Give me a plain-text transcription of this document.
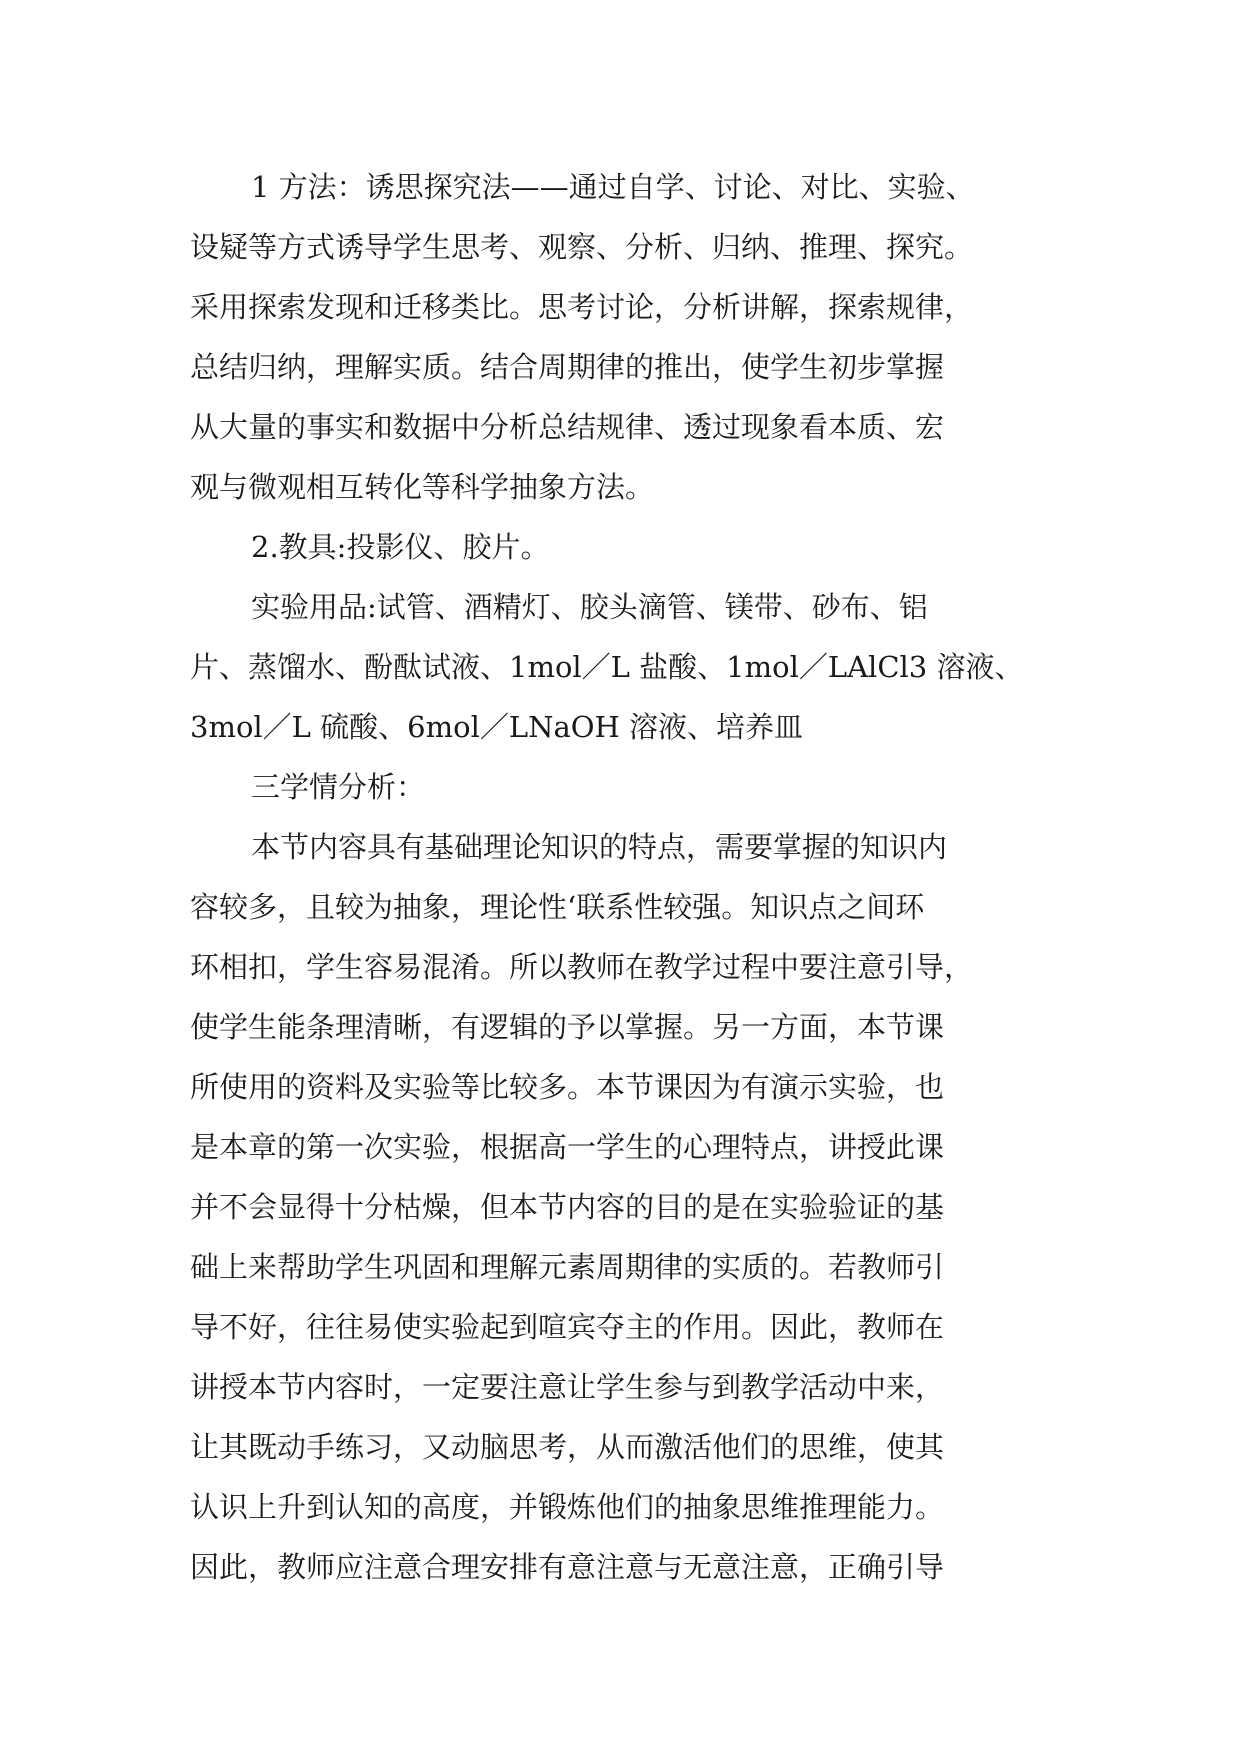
1 方法：诱思探究法——通过自学、讨论、对比、实验、
设疑等方式诱导学生思考、观察、分析、归纳、推理、探究。
采用探索发现和迁移类比。思考讨论，分析讲解，探索规律，
总结归纳，理解实质。结合周期律的推出，使学生初步掌握
从大量的事实和数据中分析总结规律、透过现象看本质、宏
观与微观相互转化等科学抽象方法。
2.教具:投影仪、胶片。
实验用品:试管、酒精灯、胶头滴管、镁带、砂布、铝
片、蒸馏水、酚酞试液、1mol／L 盐酸、1mol／LAlCl3 溶液、
3mol／L 硫酸、6mol／LNaOH 溶液、培养皿
三学情分析：
本节内容具有基础理论知识的特点，需要掌握的知识内
容较多，且较为抽象，理论性‘联系性较强。知识点之间环
环相扣，学生容易混淆。所以教师在教学过程中要注意引导，
使学生能条理清晰，有逻辑的予以掌握。另一方面，本节课
所使用的资料及实验等比较多。本节课因为有演示实验，也
是本章的第一次实验，根据高一学生的心理特点，讲授此课
并不会显得十分枯燥，但本节内容的目的是在实验验证的基
础上来帮助学生巩固和理解元素周期律的实质的。若教师引
导不好，往往易使实验起到喧宾夺主的作用。因此，教师在
讲授本节内容时，一定要注意让学生参与到教学活动中来，
让其既动手练习，又动脑思考，从而激活他们的思维，使其
认识上升到认知的高度，并锻炼他们的抽象思维推理能力。
因此，教师应注意合理安排有意注意与无意注意，正确引导
